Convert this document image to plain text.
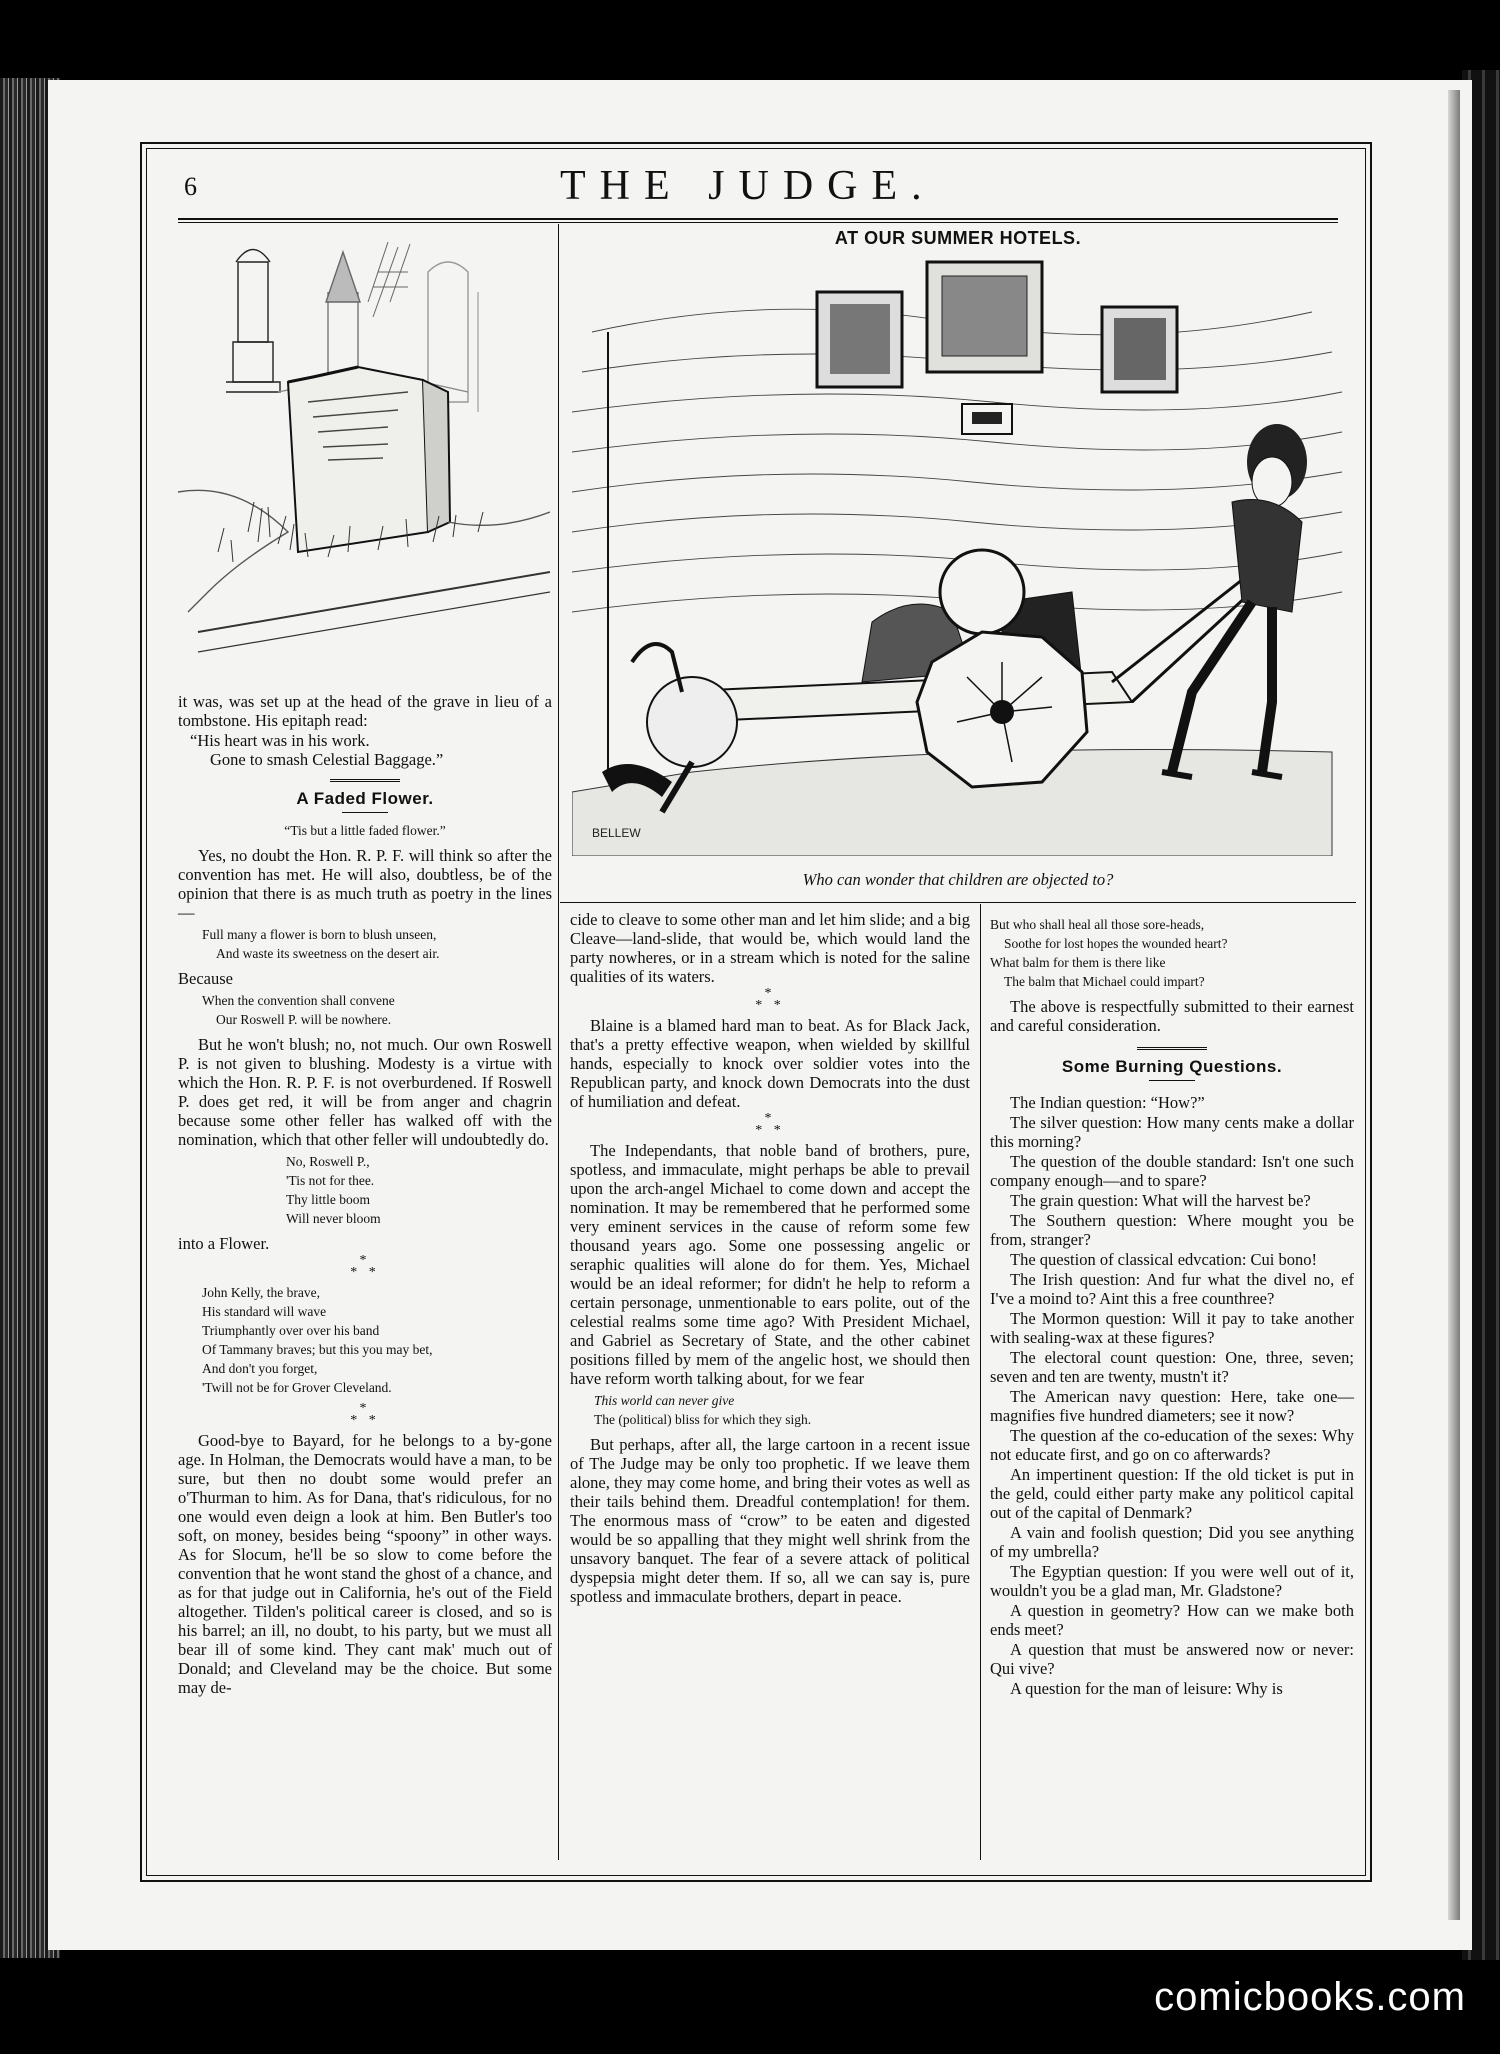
6	THE JUDGE.
AT OUR SUMMER HOTELS.
BELLEW
Who can wonder that children are objected to?

it was, was set up at the head of the grave in lieu of a tombstone. His epitaph read:

“His heart was in his work.
Gone to smash Celestial Baggage.”
A Faded Flower.
“Tis but a little faded flower.”

Yes, no doubt the Hon. R. P. F. will think so after the convention has met. He will also, doubtless, be of the opinion that there is as much truth as poetry in the lines—

Full many a flower is born to blush unseen,
And waste its sweetness on the desert air.

Because

When the convention shall convene
Our Roswell P. will be nowhere.

But he won't blush; no, not much. Our own Roswell P. is not given to blushing. Modesty is a virtue with which the Hon. R. P. F. is not overburdened. If Roswell P. does get red, it will be from anger and chagrin because some other feller has walked off with the nomination, which that other feller will undoubtedly do.

No, Roswell P.,
'Tis not for thee.
Thy little boom
Will never bloom

into a Flower.

*
* *
John Kelly, the brave,
His standard will wave
Triumphantly over over his band
Of Tammany braves; but this you may bet,
And don't you forget,
'Twill not be for Grover Cleveland.
*
* *

Good-bye to Bayard, for he belongs to a by-gone age. In Holman, the Democrats would have a man, to be sure, but then no doubt some would prefer an o'Thurman to him. As for Dana, that's ridiculous, for no one would even deign a look at him. Ben Butler's too soft, on money, besides being “spoony” in other ways. As for Slocum, he'll be so slow to come before the convention that he wont stand the ghost of a chance, and as for that judge out in California, he's out of the Field altogether. Tilden's political career is closed, and so is his barrel; an ill, no doubt, to his party, but we must all bear ill of some kind. They cant mak' much out of Donald; and Cleveland may be the choice. But some may de-

cide to cleave to some other man and let him slide; and a big Cleave—land-slide, that would be, which would land the party nowheres, or in a stream which is noted for the saline qualities of its waters.

*
* *

Blaine is a blamed hard man to beat. As for Black Jack, that's a pretty effective weapon, when wielded by skillful hands, especially to knock over soldier votes into the Republican party, and knock down Democrats into the dust of humiliation and defeat.

*
* *

The Independants, that noble band of brothers, pure, spotless, and immaculate, might perhaps be able to prevail upon the arch-angel Michael to come down and accept the nomination. It may be remembered that he performed some very eminent services in the cause of reform some few thousand years ago. Some one possessing angelic or seraphic qualities will alone do for them. Yes, Michael would be an ideal reformer; for didn't he help to reform a certain personage, unmentionable to ears polite, out of the celestial realms some time ago? With President Michael, and Gabriel as Secretary of State, and the other cabinet positions filled by mem of the angelic host, we should then have reform worth talking about, for we fear

This world can never give
The (political) bliss for which they sigh.

But perhaps, after all, the large cartoon in a recent issue of The Judge may be only too prophetic. If we leave them alone, they may come home, and bring their votes as well as their tails behind them. Dreadful contemplation! for them. The enormous mass of “crow” to be eaten and digested would be so appalling that they might well shrink from the unsavory banquet. The fear of a severe attack of political dyspepsia might deter them. If so, all we can say is, pure spotless and immaculate brothers, depart in peace.

But who shall heal all those sore-heads,
Soothe for lost hopes the wounded heart?
What balm for them is there like
The balm that Michael could impart?

The above is respectfully submitted to their earnest and careful consideration.

Some Burning Questions.

The Indian question: “How?”

The silver question: How many cents make a dollar this morning?

The question of the double standard: Isn't one such company enough—and to spare?

The grain question: What will the harvest be?

The Southern question: Where mought you be from, stranger?

The question of classical edvcation: Cui bono!

The Irish question: And fur what the divel no, ef I've a moind to? Aint this a free counthree?

The Mormon question: Will it pay to take another with sealing-wax at these figures?

The electoral count question: One, three, seven; seven and ten are twenty, mustn't it?

The American navy question: Here, take one—magnifies five hundred diameters; see it now?

The question af the co-education of the sexes: Why not educate first, and go on co afterwards?

An impertinent question: If the old ticket is put in the geld, could either party make any politicol capital out of the capital of Denmark?

A vain and foolish question; Did you see anything of my umbrella?

The Egyptian question: If you were well out of it, wouldn't you be a glad man, Mr. Gladstone?

A question in geometry? How can we make both ends meet?

A question that must be answered now or never: Qui vive?

A question for the man of leisure: Why is

comicbooks.com
